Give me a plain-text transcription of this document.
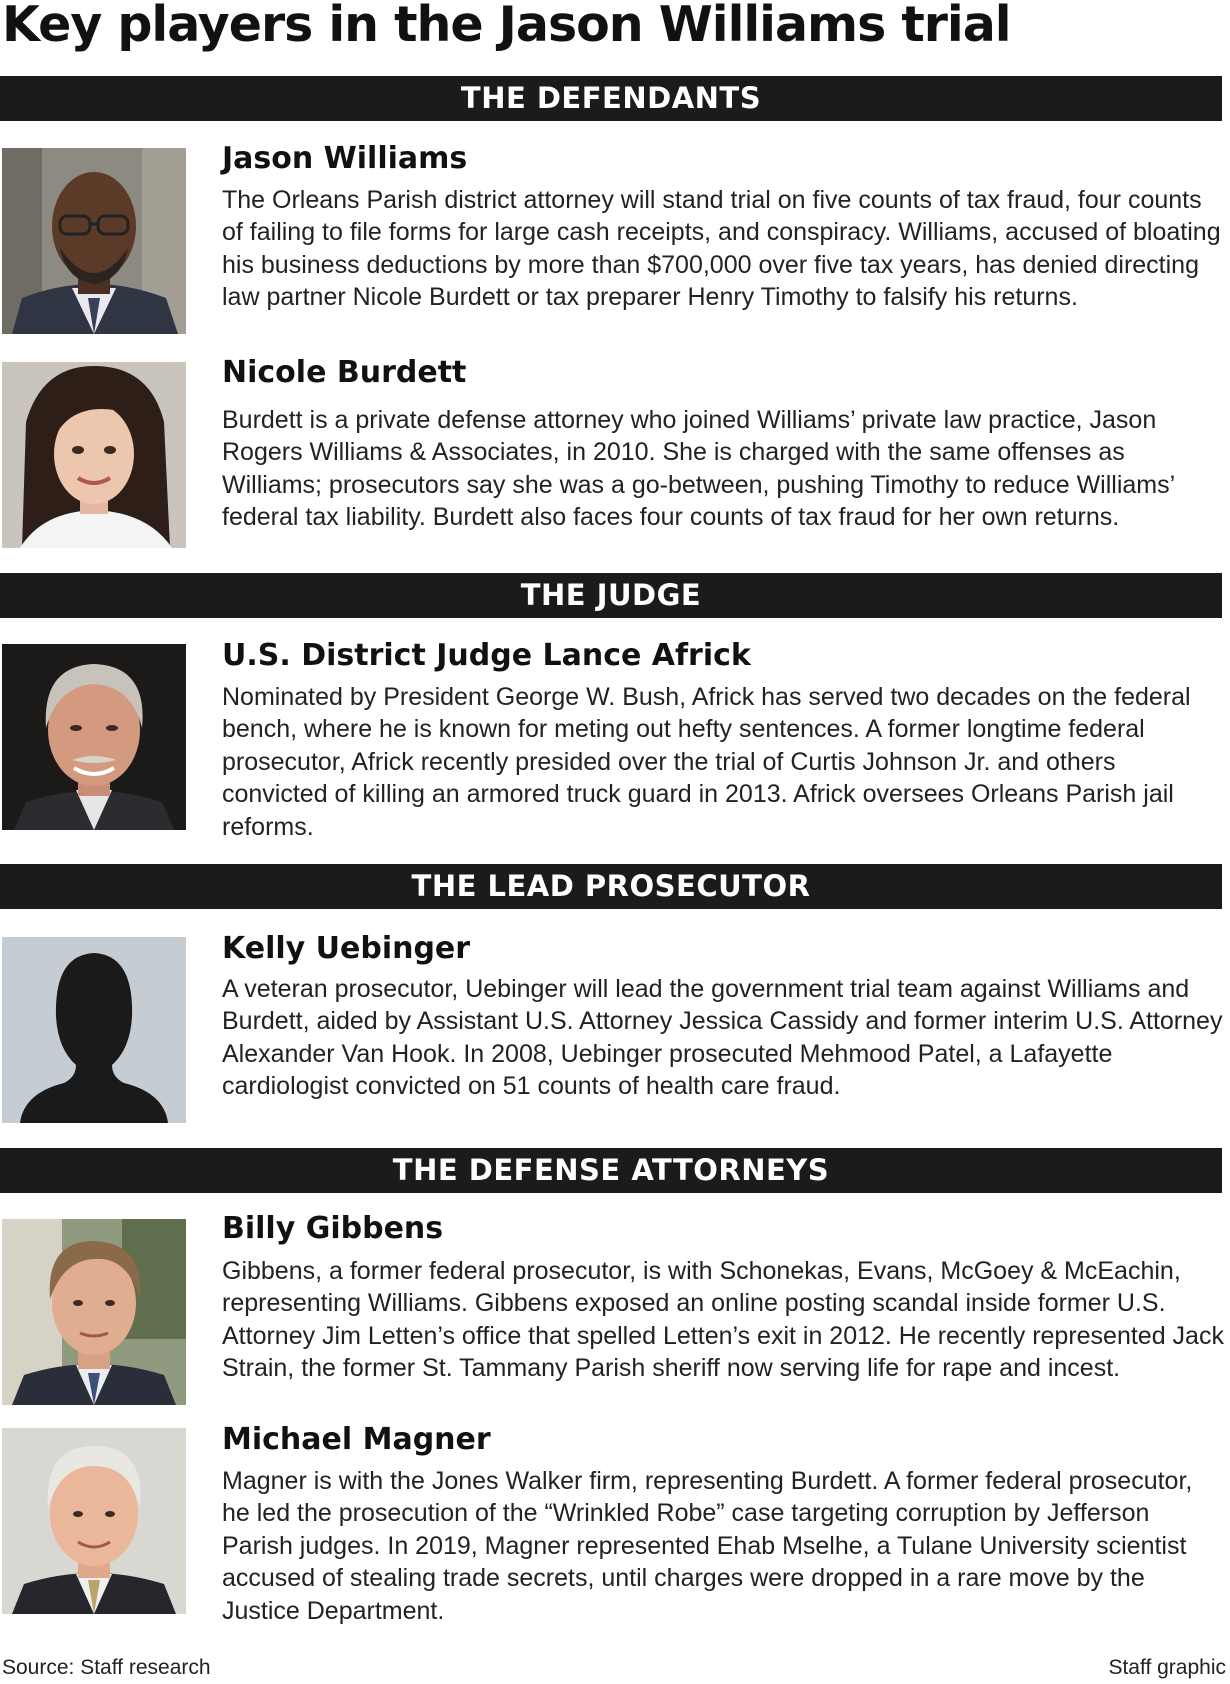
Key players in the Jason Williams trial
THE DEFENDANTS
Jason Williams

The Orleans Parish district attorney will stand trial on five counts of tax fraud, four counts of failing to file forms for large cash receipts, and conspiracy. Williams, accused of bloating his business deductions by more than $700,000 over five tax years, has denied directing law partner Nicole Burdett or tax preparer Henry Timothy to falsify his returns.

Nicole Burdett

Burdett is a private defense attorney who joined Williams’ private law practice, Jason Rogers Williams & Associates, in 2010. She is charged with the same offenses as Williams; prosecutors say she was a go-between, pushing Timothy to reduce Williams’ federal tax liability. Burdett also faces four counts of tax fraud for her own returns.

THE JUDGE
U.S. District Judge Lance Africk

Nominated by President George W. Bush, Africk has served two decades on the federal bench, where he is known for meting out hefty sentences. A former longtime federal prosecutor, Africk recently presided over the trial of Curtis Johnson Jr. and others convicted of killing an armored truck guard in 2013. Africk oversees Orleans Parish jail reforms.

THE LEAD PROSECUTOR
Kelly Uebinger

A veteran prosecutor, Uebinger will lead the government trial team against Williams and Burdett, aided by Assistant U.S. Attorney Jessica Cassidy and former interim U.S. Attorney Alexander Van Hook. In 2008, Uebinger prosecuted Mehmood Patel, a Lafayette cardiologist convicted on 51 counts of health care fraud.

THE DEFENSE ATTORNEYS
Billy Gibbens

Gibbens, a former federal prosecutor, is with Schonekas, Evans, McGoey & McEachin, representing Williams. Gibbens exposed an online posting scandal inside former U.S. Attorney Jim Letten’s office that spelled Letten’s exit in 2012. He recently represented Jack Strain, the former St. Tammany Parish sheriff now serving life for rape and incest.

Michael Magner

Magner is with the Jones Walker firm, representing Burdett. A former federal prosecutor, he led the prosecution of the “Wrinkled Robe” case targeting corruption by Jefferson Parish judges. In 2019, Magner represented Ehab Mselhe, a Tulane University scientist accused of stealing trade secrets, until charges were dropped in a rare move by the Justice Department.

Source: Staff research	Staff graphic
